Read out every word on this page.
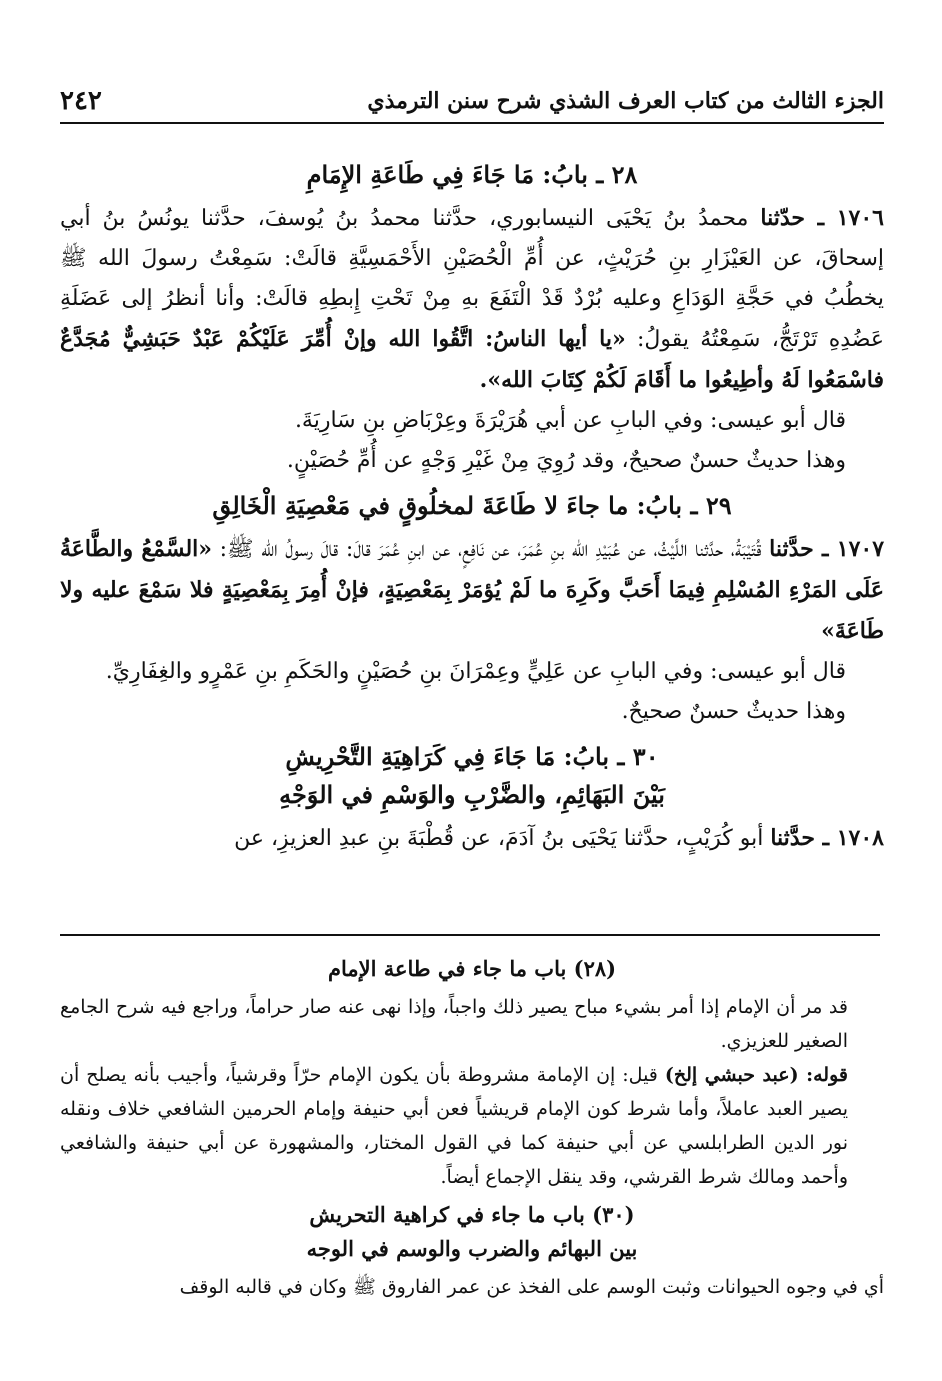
الجزء الثالث من كتاب العرف الشذي شرح سنن الترمذي
٢٤٢
٢٨ ـ بابُ: مَا جَاءَ فِي طَاعَةِ الإِمَامِ

١٧٠٦ ـ حدّثنا محمدُ بنُ يَحْيَى النيسابوري، حدَّثنا محمدُ بنُ يُوسفَ، حدَّثنا يونُسُ بنُ أبي إسحاقَ، عن العَيْزَارِ بنِ حُرَيْثٍ، عن أُمِّ الْحُصَيْنِ الأَحْمَسِيَّةِ قالَتْ: سَمِعْتُ رسولَ الله ﷺ يخطُبُ في حَجَّةِ الوَدَاعِ وعليه بُرْدٌ قَدْ الْتَفَعَ بهِ مِنْ تَحْتِ إِبطِهِ قالَتْ: وأنا أنظرُ إلى عَضَلَةِ عَضُدِهِ تَرْتَجُّ، سَمِعْتُهُ يقولُ: «يا أيها الناسُ: اتَّقُوا الله وإنْ أُمِّرَ عَلَيْكُمْ عَبْدٌ حَبَشِيٌّ مُجَدَّعٌ فاسْمَعُوا لَهُ وأطِيعُوا ما أَقَامَ لَكُمْ كِتَابَ الله».

قال أبو عيسى: وفي البابِ عن أبي هُرَيْرَةَ وعِرْبَاضِ بنِ سَارِيَةَ.

وهذا حديثٌ حسنٌ صحيحٌ، وقد رُوِيَ مِنْ غَيْرِ وَجْهٍ عن أُمِّ حُصَيْنٍ.

٢٩ ـ بابُ: ما جاءَ لا طَاعَةَ لمخلُوقٍ في مَعْصِيَةِ الْخَالِقِ

١٧٠٧ ـ حدَّثنا قُتَيْبَةُ، حدَّثنا اللَّيْثُ، عن عُبَيْدِ الله بنِ عُمَرَ، عن نَافِعٍ، عن ابنِ عُمَرَ قالَ: قالَ رسولُ الله ﷺ: «السَّمْعُ والطَّاعَةُ عَلَى المَرْءِ المُسْلِمِ فِيمَا أَحَبَّ وكَرِهَ ما لَمْ يُؤمَرْ بِمَعْصِيَةٍ، فإنْ أُمِرَ بِمَعْصِيَةٍ فلا سَمْعَ عليه ولا طَاعَةَ»

قال أبو عيسى: وفي البابِ عن عَلِيٍّ وعِمْرَانَ بنِ حُصَيْنٍ والحَكَمِ بنِ عَمْرٍو والغِفَارِيِّ.

وهذا حديثٌ حسنٌ صحيحٌ.

٣٠ ـ بابُ: مَا جَاءَ فِي كَرَاهِيَةِ التَّحْرِيشِ
بَيْنَ البَهَائِمِ، والضَّرْبِ والوَسْمِ في الوَجْهِ

١٧٠٨ ـ حدَّثنا أبو كُرَيْبٍ، حدَّثنا يَحْيَى بنُ آدَمَ، عن قُطْبَةَ بنِ عبدِ العزيزِ، عن

(٢٨) باب ما جاء في طاعة الإمام

قد مر أن الإمام إذا أمر بشيء مباح يصير ذلك واجباً، وإذا نهى عنه صار حراماً، وراجع فيه شرح الجامع الصغير للعزيزي.

قوله: (عبد حبشي إلخ) قيل: إن الإمامة مشروطة بأن يكون الإمام حرّاً وقرشياً، وأجيب بأنه يصلح أن يصير العبد عاملاً، وأما شرط كون الإمام قريشياً فعن أبي حنيفة وإمام الحرمين الشافعي خلاف ونقله نور الدين الطرابلسي عن أبي حنيفة كما في القول المختار، والمشهورة عن أبي حنيفة والشافعي وأحمد ومالك شرط القرشي، وقد ينقل الإجماع أيضاً.

(٣٠) باب ما جاء في كراهية التحريش
بين البهائم والضرب والوسم في الوجه

أي في وجوه الحيوانات وثبت الوسم على الفخذ عن عمر الفاروق ﷺ وكان في قالبه الوقف
